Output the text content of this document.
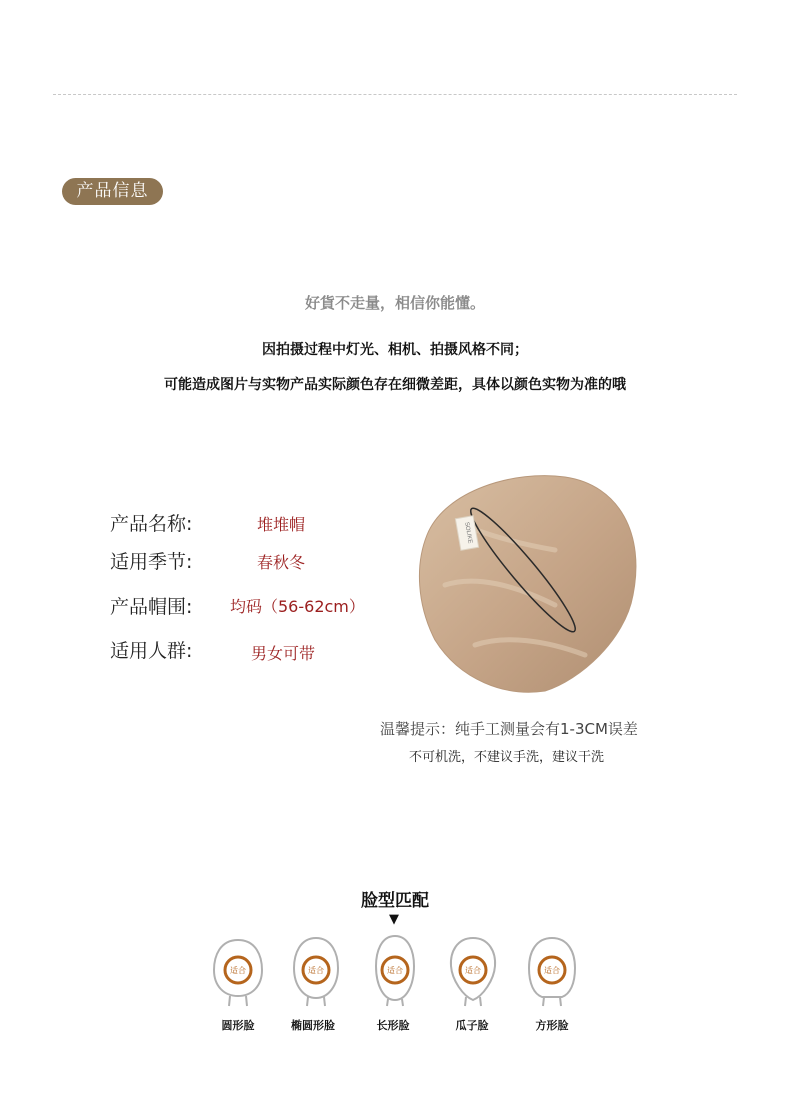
产品信息
好貨不走量，相信你能懂。
因拍摄过程中灯光、相机、拍摄风格不同；
可能造成图片与实物产品实际颜色存在细微差距，具体以颜色实物为准的哦
产品名称:	堆堆帽
适用季节:	春秋冬
产品帽围: 均码（56-62cm）
适用人群:	男女可带
SOLIKE
温馨提示：纯手工测量会有1-3CM误差
不可机洗，不建议手洗，建议干洗
脸型匹配
▼
适合	适合	适合	适合	适合
圆形脸	椭圆形脸	长形脸	瓜子脸	方形脸
